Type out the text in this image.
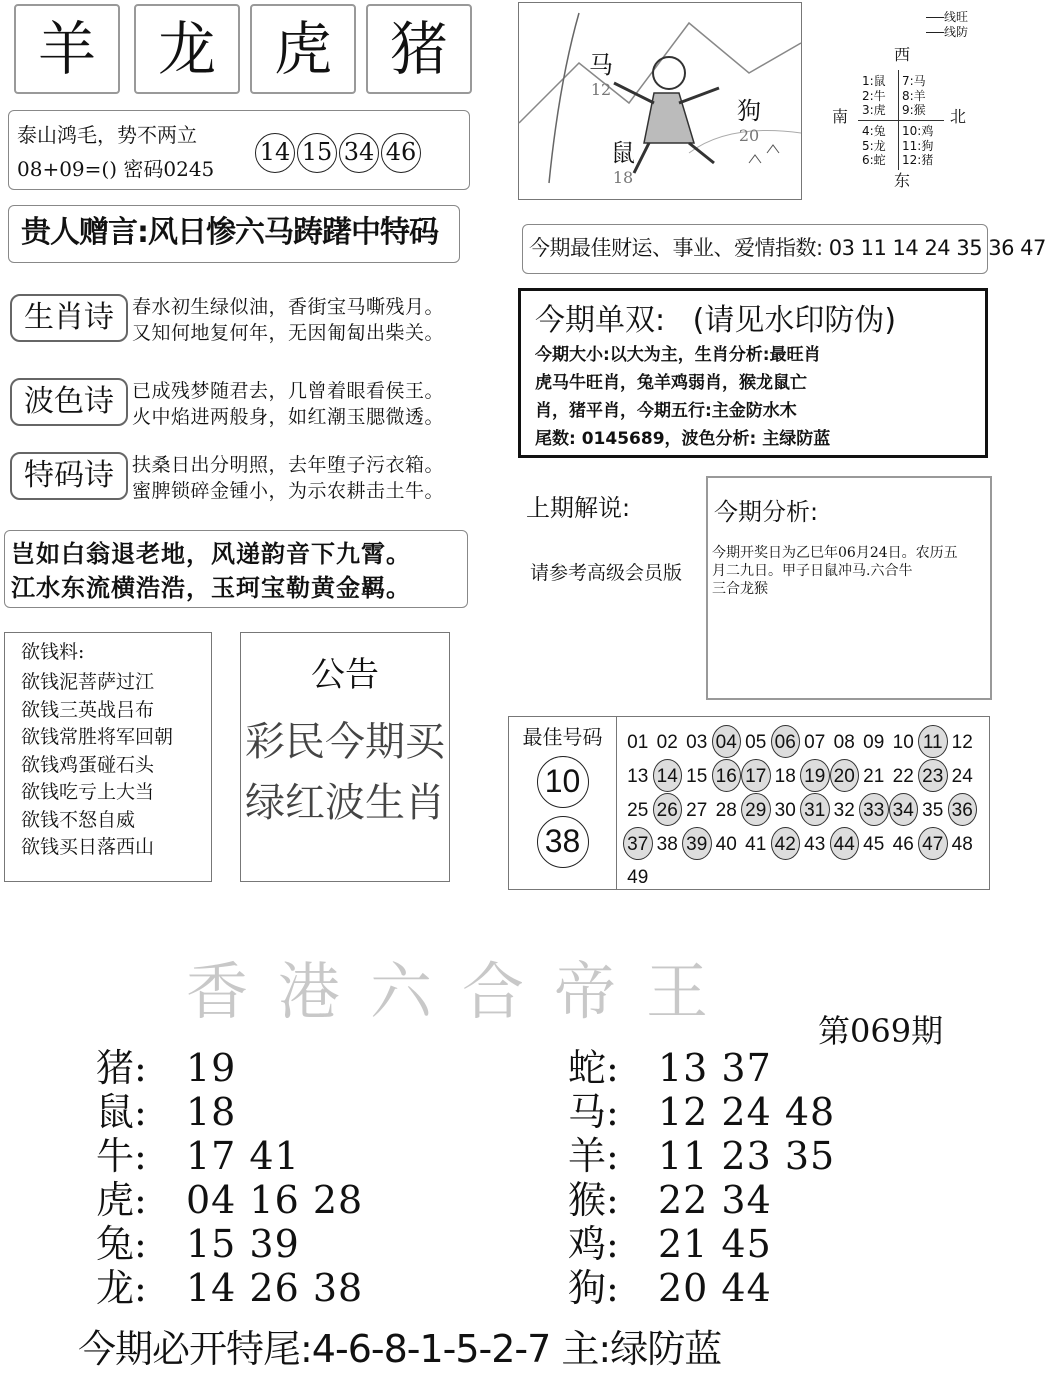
羊	龙 虎 猪
泰山鸿毛，势不两立
08+09=() 密码0245
14 15 34 46
贵人赠言:风日惨六马踌躇中特码
生肖诗 春水初生绿似油，香街宝马嘶残月。
又知何地复何年，无因匍匐出柴关。
波色诗 已成残梦随君去，几曾着眼看侯王。
火中焰进两般身，如红潮玉腮微透。
特码诗 扶桑日出分明照，去年堕子污衣箱。
蜜脾锁碎金锺小，为示农耕击土牛。
岂如白翁退老地，风递韵音下九霄。
江水东流横浩浩，玉珂宝勒黄金羁。
欲钱料:
欲钱泥菩萨过江
欲钱三英战吕布
欲钱常胜将军回朝
欲钱鸡蛋碰石头
欲钱吃亏上大当
欲钱不怒自威
欲钱买日落西山
公告
彩民今期买
绿红波生肖
马
12
狗
20
鼠
18
线旺
线防
西
南	北
东
1:鼠
2:牛
3:虎
7:马
8:羊
9:猴
4:兔
5:龙
6:蛇
10:鸡
11:狗
12:猪
今期最佳财运、事业、爱情指数: 03 11 14 24 35 36 47
今期单双: (请见水印防伪)
今期大小:以大为主，生肖分析:最旺肖
虎马牛旺肖，兔羊鸡弱肖，猴龙鼠亡
肖，猪平肖，今期五行:主金防水木
尾数: 0145689，波色分析: 主绿防蓝
上期解说:
请参考高级会员版
今期分析:
今期开奖日为乙巳年06月24日。农历五
月二九日。甲子日鼠冲马.六合牛
三合龙猴
最佳号码
10
38
01 02 03 04 05 06 07 08 09 10 11 1213 14 15 16 17 18 19 20 21 22 23 2425 26 27 28 29 30 31 32 33 34 35 3637 38 39 40 41 42 43 44 45 46 47 4849
香港六合帝王
第069期
猪: 19
鼠: 18
牛: 17 41
虎: 04 16 28
兔: 15 39
龙: 14 26 38
蛇: 13 37
马: 12 24 48
羊: 11 23 35
猴: 22 34
鸡: 21 45
狗: 20 44
今期必开特尾:4-6-8-1-5-2-7 主:绿防蓝
